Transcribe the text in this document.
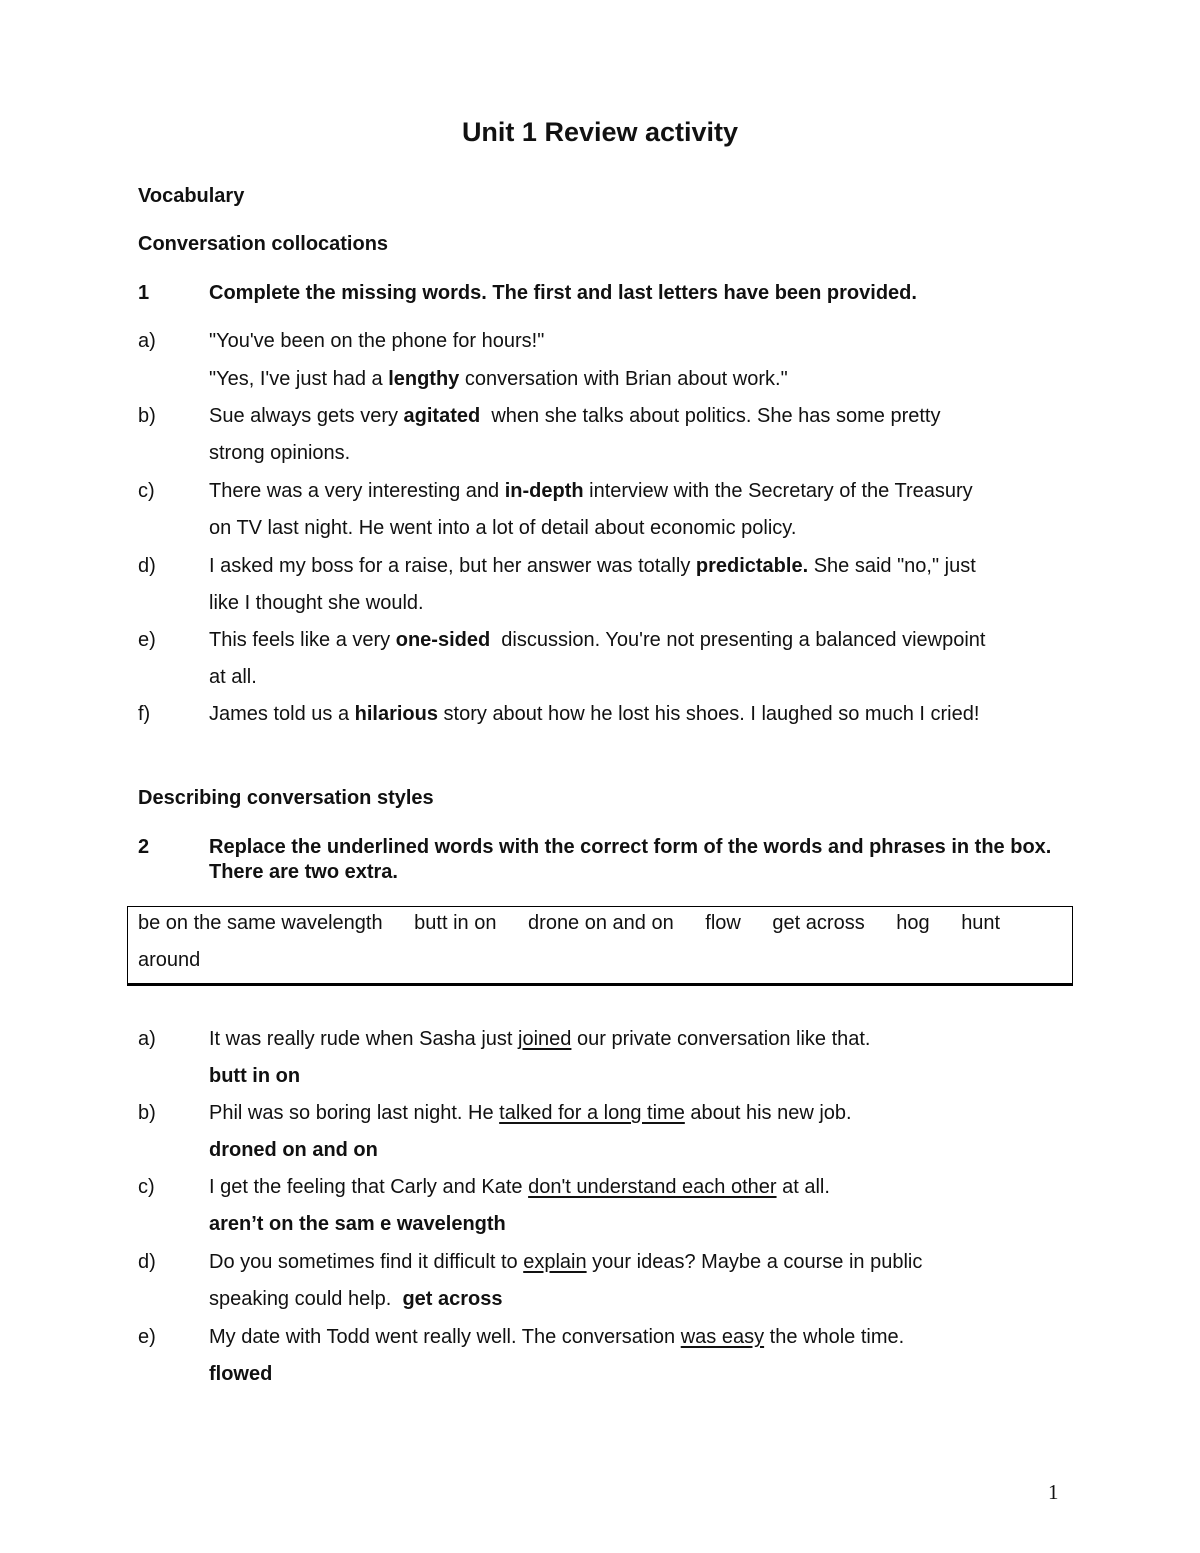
Unit 1 Review activity
Vocabulary
Conversation collocations
1	Complete the missing words. The first and last letters have been provided.
a)	"You've been on the phone for hours!"
"Yes, I've just had a lengthy conversation with Brian about work."
b)	Sue always gets very agitated  when she talks about politics. She has some pretty
strong opinions.
c)	There was a very interesting and in-depth interview with the Secretary of the Treasury
on TV last night. He went into a lot of detail about economic policy.
d)	I asked my boss for a raise, but her answer was totally predictable. She said "no," just
like I thought she would.
e)	This feels like a very one-sided  discussion. You're not presenting a balanced viewpoint
at all.
f)	James told us a hilarious story about how he lost his shoes. I laughed so much I cried!
Describing conversation styles
2	Replace the underlined words with the correct form of the words and phrases in the box. There are two extra.
be on the same wavelength butt in on drone on and on flow get across hog hunt
around
a)	It was really rude when Sasha just joined our private conversation like that.
butt in on
b)	Phil was so boring last night. He talked for a long time about his new job.
droned on and on
c)	I get the feeling that Carly and Kate don't understand each other at all.
aren’t on the sam e wavelength
d)	Do you sometimes find it difficult to explain your ideas? Maybe a course in public
speaking could help.  get across
e)	My date with Todd went really well. The conversation was easy the whole time.
flowed
1
